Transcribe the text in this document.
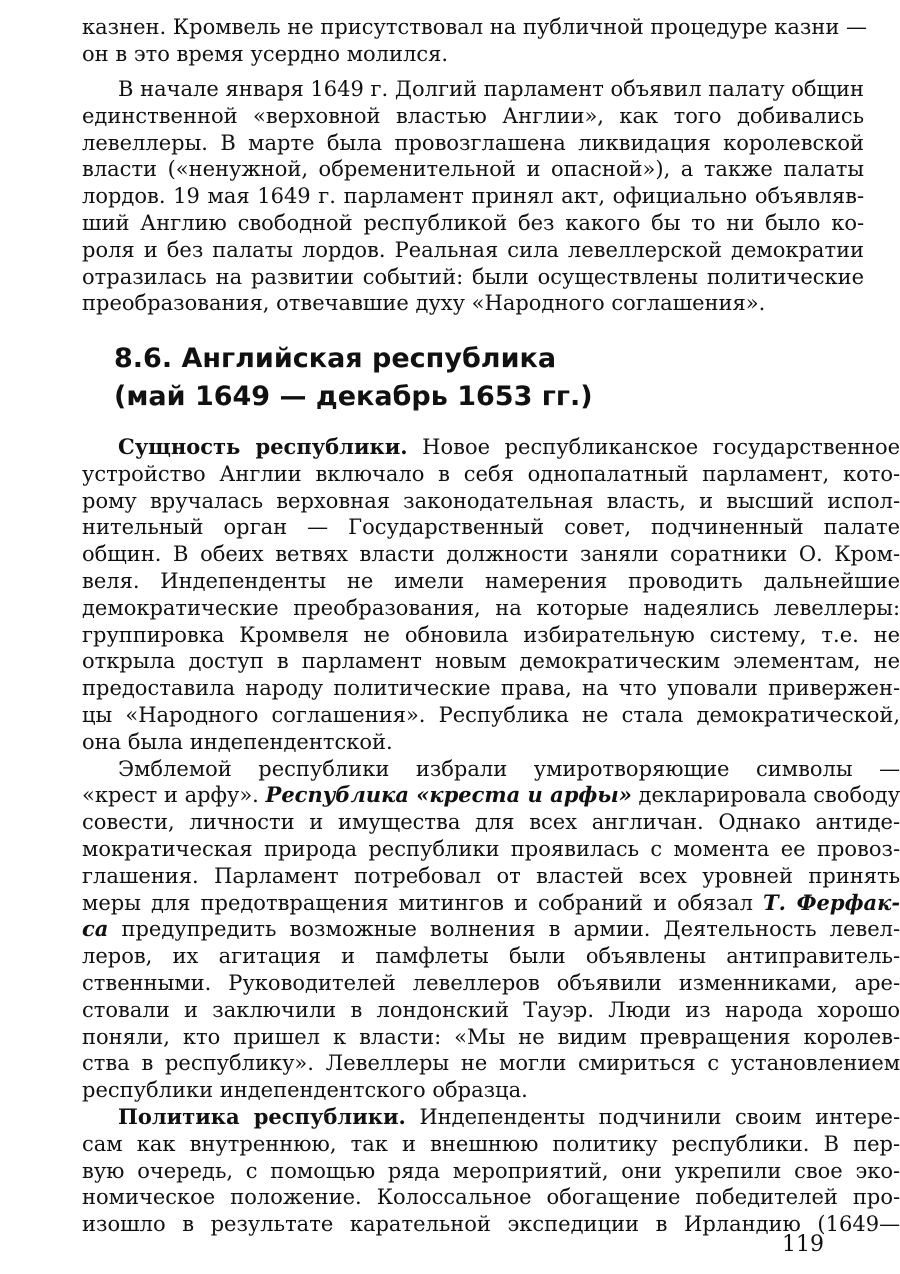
казнен. Кромвель не присутствовал на публичной процедуре казни —

он в это время усердно молился.

В начале января 1649 г. Долгий парламент объявил палату общин

единственной «верховной властью Англии», как того добивались

левеллеры. В марте была провозглашена ликвидация королевской

власти («ненужной, обременительной и опасной»), а также палаты

лордов. 19 мая 1649 г. парламент принял акт, официально объявляв-

ший Англию свободной республикой без какого бы то ни было ко-

роля и без палаты лордов. Реальная сила левеллерской демократии

отразилась на развитии событий: были осуществлены политические

преобразования, отвечавшие духу «Народного соглашения».

Сущность республики. Новое республиканское государственное

устройство Англии включало в себя однопалатный парламент, кото-

рому вручалась верховная законодательная власть, и высший испол-

нительный орган — Государственный совет, подчиненный палате

общин. В обеих ветвях власти должности заняли соратники О. Кром-

веля. Индепенденты не имели намерения проводить дальнейшие

демократические преобразования, на которые надеялись левеллеры:

группировка Кромвеля не обновила избирательную систему, т.е. не

открыла доступ в парламент новым демократическим элементам, не

предоставила народу политические права, на что уповали привержен-

цы «Народного соглашения». Республика не стала демократической,

она была индепендентской.

Эмблемой республики избрали умиротворяющие символы —

«крест и арфу». Республика «креста и арфы» декларировала свободу

совести, личности и имущества для всех англичан. Однако антиде-

мократическая природа республики проявилась с момента ее провоз-

глашения. Парламент потребовал от властей всех уровней принять

меры для предотвращения митингов и собраний и обязал Т. Ферфак-

са предупредить возможные волнения в армии. Деятельность левел-

леров, их агитация и памфлеты были объявлены антиправитель-

ственными. Руководителей левеллеров объявили изменниками, аре-

стовали и заключили в лондонский Тауэр. Люди из народа хорошо

поняли, кто пришел к власти: «Мы не видим превращения королев-

ства в республику». Левеллеры не могли смириться с установлением

республики индепендентского образца.

Политика республики. Индепенденты подчинили своим интере-

сам как внутреннюю, так и внешнюю политику республики. В пер-

вую очередь, с помощью ряда мероприятий, они укрепили свое эко-

номическое положение. Колоссальное обогащение победителей про-

изошло в результате карательной экспедиции в Ирландию (1649—

8.6. Английская республика

(май 1649 — декабрь 1653 гг.)

119
